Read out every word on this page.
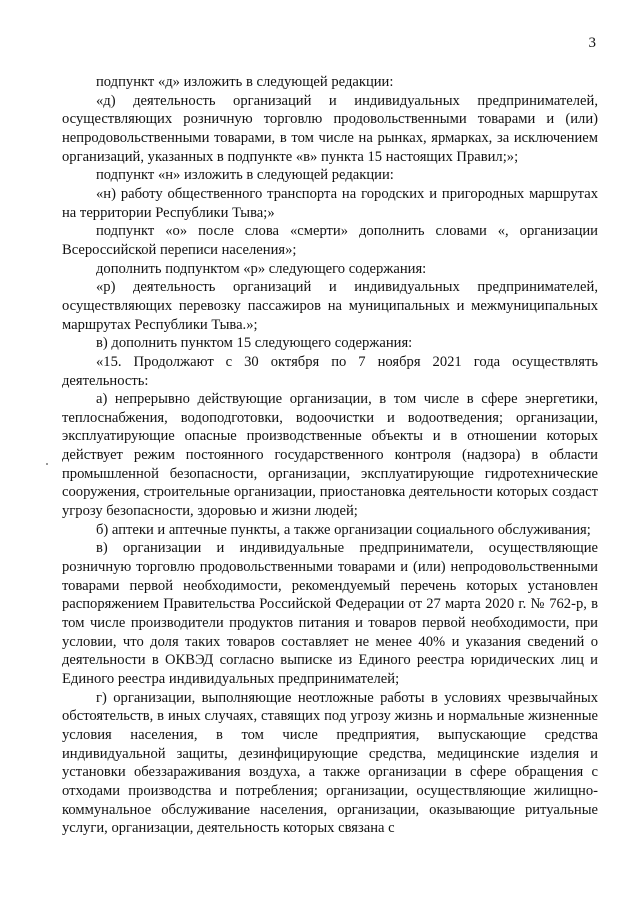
3

подпункт «д» изложить в следующей редакции:

«д) деятельность организаций и индивидуальных предпринимателей, осуществляющих розничную торговлю продовольственными товарами и (или) непродовольственными товарами, в том числе на рынках, ярмарках, за исключением организаций, указанных в подпункте «в» пункта 15 настоящих Правил;»;

подпункт «н» изложить в следующей редакции:

«н) работу общественного транспорта на городских и пригородных маршрутах на территории Республики Тыва;»

подпункт «о» после слова «смерти» дополнить словами «, организации Всероссийской переписи населения»;

дополнить подпунктом «р» следующего содержания:

«р) деятельность организаций и индивидуальных предпринимателей, осуществляющих перевозку пассажиров на муниципальных и межмуниципальных маршрутах Республики Тыва.»;

в) дополнить пунктом 15 следующего содержания:

«15. Продолжают с 30 октября по 7 ноября 2021 года осуществлять деятельность:

а) непрерывно действующие организации, в том числе в сфере энергетики, теплоснабжения, водоподготовки, водоочистки и водоотведения; организации, эксплуатирующие опасные производственные объекты и в отношении которых действует режим постоянного государственного контроля (надзора) в области промышленной безопасности, организации, эксплуатирующие гидротехнические сооружения, строительные организации, приостановка деятельности которых создаст угрозу безопасности, здоровью и жизни людей;

б) аптеки и аптечные пункты, а также организации социального обслуживания;

в) организации и индивидуальные предприниматели, осуществляющие розничную торговлю продовольственными товарами и (или) непродовольственными товарами первой необходимости, рекомендуемый перечень которых установлен распоряжением Правительства Российской Федерации от 27 марта 2020 г. № 762-р, в том числе производители продуктов питания и товаров первой необходимости, при условии, что доля таких товаров составляет не менее 40% и указания сведений о деятельности в ОКВЭД согласно выписке из Единого реестра юридических лиц и Единого реестра индивидуальных предпринимателей;

г) организации, выполняющие неотложные работы в условиях чрезвычайных обстоятельств, в иных случаях, ставящих под угрозу жизнь и нормальные жизненные условия населения, в том числе предприятия, выпускающие средства индивидуальной защиты, дезинфицирующие средства, медицинские изделия и установки обеззараживания воздуха, а также организации в сфере обращения с отходами производства и потребления; организации, осуществляющие жилищно-коммунальное обслуживание населения, организации, оказывающие ритуальные услуги, организации, деятельность которых связана с
